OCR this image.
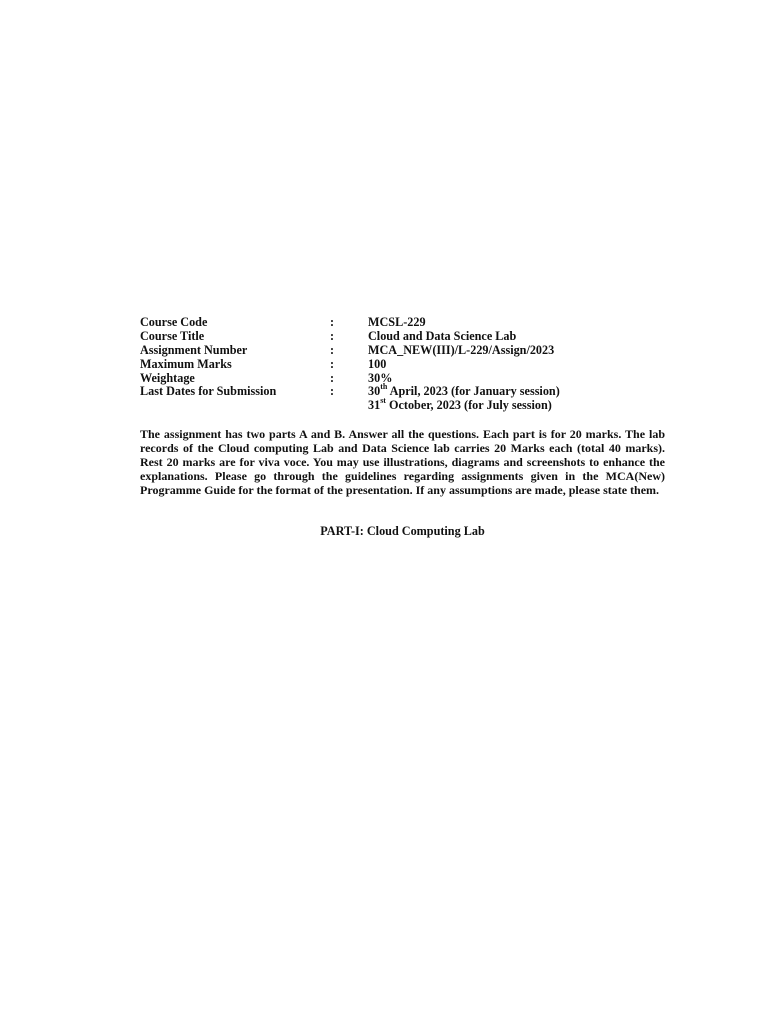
Course Code	:	MCSL-229
Course Title	:	Cloud and Data Science Lab
Assignment Number	:	MCA_NEW(III)/L-229/Assign/2023
Maximum Marks	:	100
Weightage	:	30%
Last Dates for Submission	:	30th April, 2023 (for January session)
31st October, 2023 (for July session)

The assignment has two parts A and B. Answer all the questions. Each part is for 20 marks. The lab records of the Cloud computing Lab and Data Science lab carries 20 Marks each (total 40 marks). Rest 20 marks are for viva voce. You may use illustrations, diagrams and screenshots to enhance the explanations. Please go through the guidelines regarding assignments given in the MCA(New) Programme Guide for the format of the presentation. If any assumptions are made, please state them.

PART-I: Cloud Computing Lab
